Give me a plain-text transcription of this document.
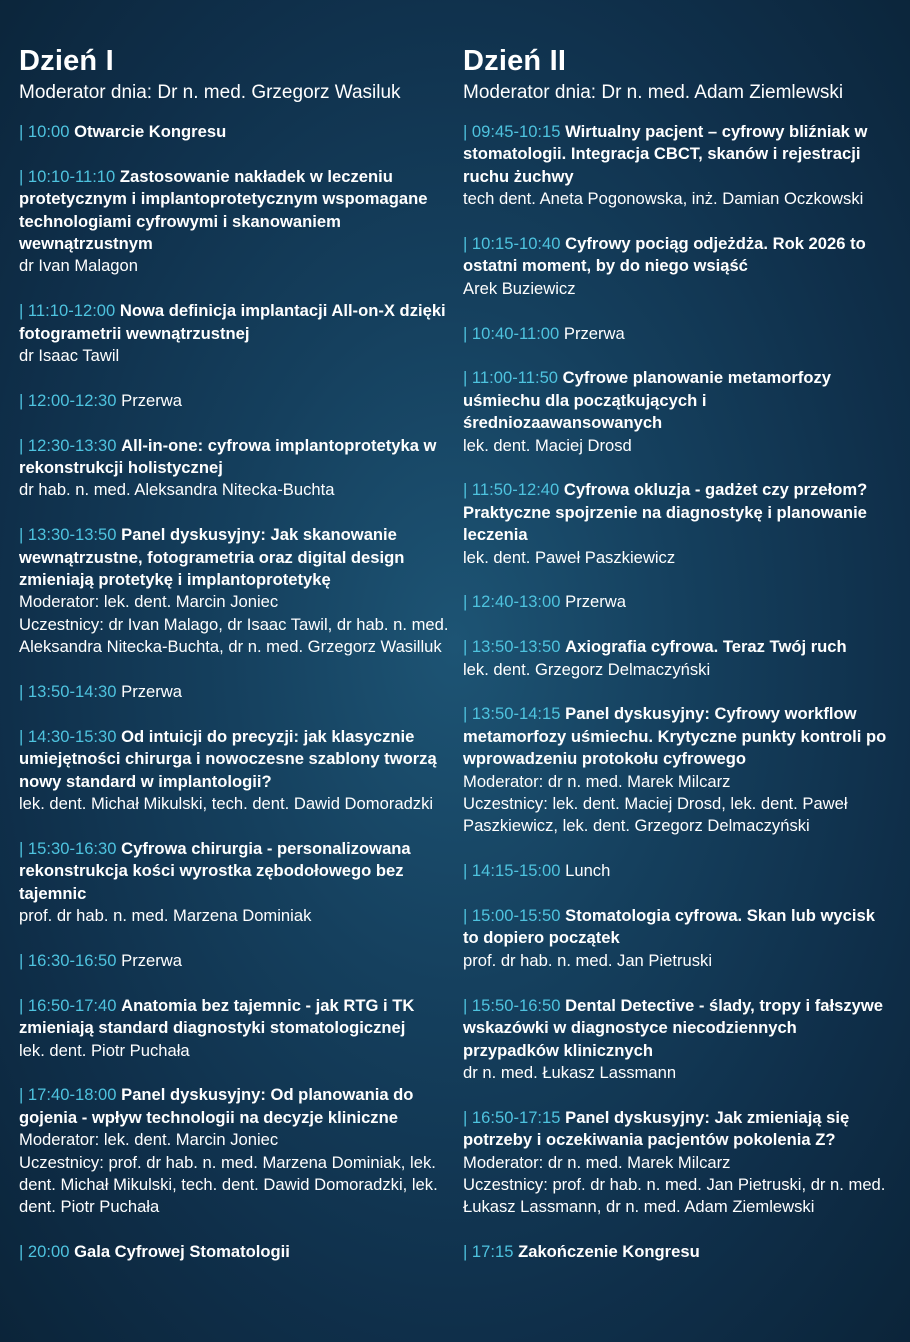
Dzień I
Moderator dnia: Dr n. med. Grzegorz Wasiluk
| 10:00 Otwarcie Kongresu
| 10:10-11:10 Zastosowanie nakładek w leczeniu protetycznym i implantoprotetycznym wspomagane technologiami cyfrowymi i skanowaniem wewnątrzustnym
dr Ivan Malagon
| 11:10-12:00 Nowa definicja implantacji All-on-X dzięki fotogrametrii wewnątrzustnej
dr Isaac Tawil
| 12:00-12:30 Przerwa
| 12:30-13:30 All-in-one: cyfrowa implantoprotetyka w rekonstrukcji holistycznej
dr hab. n. med. Aleksandra Nitecka-Buchta
| 13:30-13:50 Panel dyskusyjny: Jak skanowanie wewnątrzustne, fotogrametria oraz digital design zmieniają protetykę i implantoprotetykę
Moderator: lek. dent. Marcin Joniec
Uczestnicy: dr Ivan Malago, dr Isaac Tawil, dr hab. n. med. Aleksandra Nitecka-Buchta, dr n. med. Grzegorz Wasilluk
| 13:50-14:30 Przerwa
| 14:30-15:30 Od intuicji do precyzji: jak klasycznie umiejętności chirurga i nowoczesne szablony tworzą nowy standard w implantologii?
lek. dent. Michał Mikulski, tech. dent. Dawid Domoradzki
| 15:30-16:30 Cyfrowa chirurgia - personalizowana rekonstrukcja kości wyrostka zębodołowego bez tajemnic
prof. dr hab. n. med. Marzena Dominiak
| 16:30-16:50 Przerwa
| 16:50-17:40 Anatomia bez tajemnic - jak RTG i TK zmieniają standard diagnostyki stomatologicznej
lek. dent. Piotr Puchała
| 17:40-18:00 Panel dyskusyjny: Od planowania do gojenia - wpływ technologii na decyzje kliniczne
Moderator: lek. dent. Marcin Joniec
Uczestnicy: prof. dr hab. n. med. Marzena Dominiak, lek. dent. Michał Mikulski, tech. dent. Dawid Domoradzki, lek. dent. Piotr Puchała
| 20:00 Gala Cyfrowej Stomatologii
Dzień II
Moderator dnia: Dr n. med. Adam Ziemlewski
| 09:45-10:15 Wirtualny pacjent – cyfrowy bliźniak w stomatologii. Integracja CBCT, skanów i rejestracji ruchu żuchwy
tech dent. Aneta Pogonowska, inż. Damian Oczkowski
| 10:15-10:40 Cyfrowy pociąg odjeżdża. Rok 2026 to ostatni moment, by do niego wsiąść
Arek Buziewicz
| 10:40-11:00 Przerwa
| 11:00-11:50 Cyfrowe planowanie metamorfozy uśmiechu dla początkujących i średniozaawansowanych
lek. dent. Maciej Drosd
| 11:50-12:40 Cyfrowa okluzja - gadżet czy przełom? Praktyczne spojrzenie na diagnostykę i planowanie leczenia
lek. dent. Paweł Paszkiewicz
| 12:40-13:00 Przerwa
| 13:50-13:50 Axiografia cyfrowa. Teraz Twój ruch
lek. dent. Grzegorz Delmaczyński
| 13:50-14:15 Panel dyskusyjny: Cyfrowy workflow metamorfozy uśmiechu. Krytyczne punkty kontroli po wprowadzeniu protokołu cyfrowego
Moderator: dr n. med. Marek Milcarz
Uczestnicy: lek. dent. Maciej Drosd, lek. dent. Paweł Paszkiewicz, lek. dent. Grzegorz Delmaczyński
| 14:15-15:00 Lunch
| 15:00-15:50 Stomatologia cyfrowa. Skan lub wycisk to dopiero początek
prof. dr hab. n. med. Jan Pietruski
| 15:50-16:50 Dental Detective - ślady, tropy i fałszywe wskazówki w diagnostyce niecodziennych przypadków klinicznych
dr n. med. Łukasz Lassmann
| 16:50-17:15 Panel dyskusyjny: Jak zmieniają się potrzeby i oczekiwania pacjentów pokolenia Z?
Moderator: dr n. med. Marek Milcarz
Uczestnicy: prof. dr hab. n. med. Jan Pietruski, dr n. med. Łukasz Lassmann, dr n. med. Adam Ziemlewski
| 17:15 Zakończenie Kongresu
